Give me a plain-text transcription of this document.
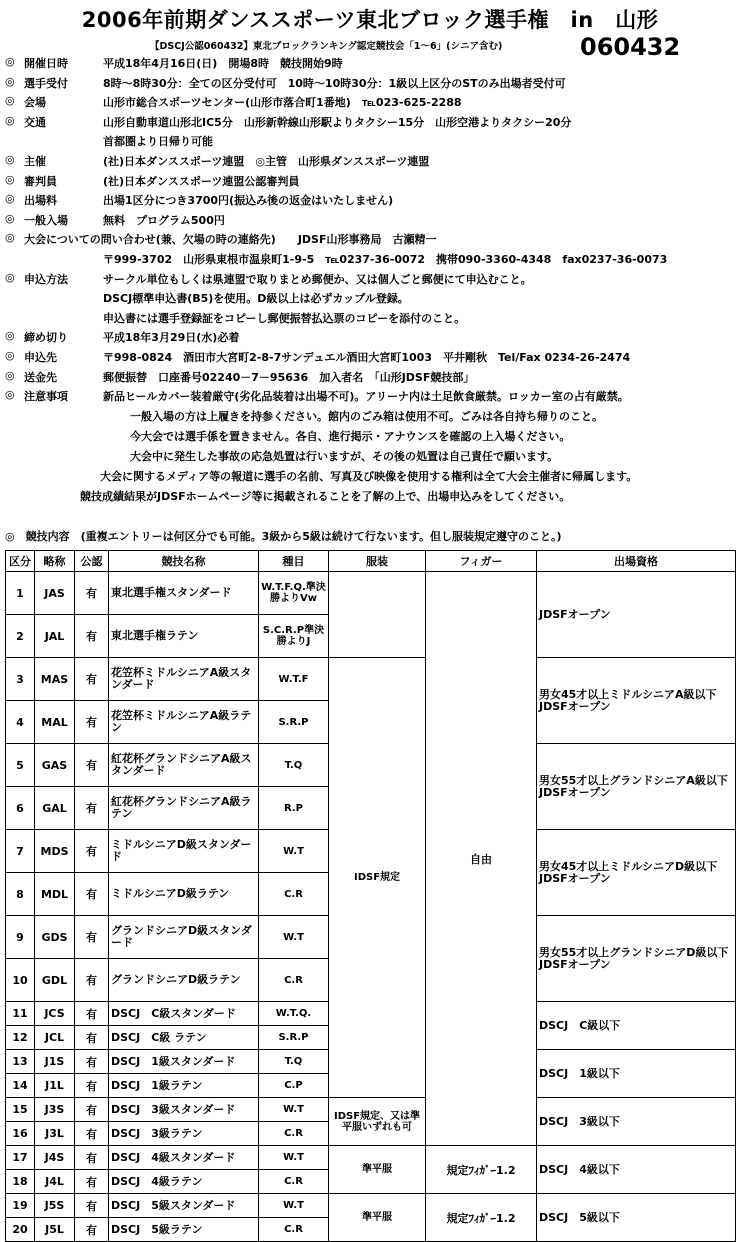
2006年前期ダンススポーツ東北ブロック選手権　in　山形
【DSCJ公認060432】東北ブロックランキング認定競技会「1～6」(シニア含む)	060432
◎ 開催日時	平成18年4月16日(日)　開場8時　競技開始9時
◎ 選手受付	8時～8時30分：全ての区分受付可　10時～10時30分：1級以上区分のSTのみ出場者受付可
◎ 会場	山形市総合スポーツセンター(山形市落合町1番地)　℡023-625-2288
◎ 交通	山形自動車道山形北IC5分　山形新幹線山形駅よりタクシー15分　山形空港よりタクシー20分
首都圏より日帰り可能
◎ 主催	(社)日本ダンススポーツ連盟　◎主管　山形県ダンススポーツ連盟
◎ 審判員	(社)日本ダンススポーツ連盟公認審判員
◎ 出場料	出場1区分につき3700円(振込み後の返金はいたしません)
◎ 一般入場	無料　プログラム500円
◎ 大会についての問い合わせ(兼、欠場の時の連絡先)　　JDSF山形事務局　古瀬精一
〒999-3702　山形県東根市温泉町1-9-5　℡0237-36-0072　携帯090-3360-4348　fax0237-36-0073
◎ 申込方法	サークル単位もしくは県連盟で取りまとめ郵便か、又は個人ごと郵便にて申込むこと。
DSCJ標準申込書(B5)を使用。D級以上は必ずカップル登録。
申込書には選手登録証をコピーし郵便振替払込票のコピーを添付のこと。
◎ 締め切り	平成18年3月29日(水)必着
◎ 申込先	〒998-0824　酒田市大宮町2-8-7サンデュエル酒田大宮町1003　平井剛秋　Tel/Fax 0234-26-2474
◎ 送金先	郵便振替　口座番号02240－7－95636　加入者名　「山形JDSF競技部」
◎ 注意事項	新品ヒールカバー装着厳守(劣化品装着は出場不可)。アリーナ内は土足飲食厳禁。ロッカー室の占有厳禁。
一般入場の方は上履きを持参ください。館内のごみ箱は使用不可。ごみは各自持ち帰りのこと。
今大会では選手係を置きません。各自、進行掲示・アナウンスを確認の上入場ください。
大会中に発生した事故の応急処置は行いますが、その後の処置は自己責任で願います。
大会に関するメディア等の報道に選手の名前、写真及び映像を使用する権利は全て大会主催者に帰属します。
競技成績結果がJDSFホームページ等に掲載されることを了解の上で、出場申込みをしてください。
◎　競技内容　(重複エントリーは何区分でも可能。3級から5級は続けて行ないます。但し服装規定遵守のこと。)
区分	略称	公認	競技名称	種目	服装	フィガー	出場資格
1	JAS	有	東北選手権スタンダード	W.T.F.Q.準決勝よりVw		自由	JDSFオープン
2	JAL	有	東北選手権ラテン	S.C.R.P準決勝よりJ			
3	MAS	有	花笠杯ミドルシニアA級スタンダード	W.T.F	IDSF規定		男女45才以上ミドルシニアA級以下JDSFオープン
4	MAL	有	花笠杯ミドルシニアA級ラテン	S.R.P			
5	GAS	有	紅花杯グランドシニアA級スタンダード	T.Q			男女55才以上グランドシニアA級以下JDSFオープン
6	GAL	有	紅花杯グランドシニアA級ラテン	R.P			
7	MDS	有	ミドルシニアD級スタンダード	W.T			男女45才以上ミドルシニアD級以下JDSFオープン
8	MDL	有	ミドルシニアD級ラテン	C.R			
9	GDS	有	グランドシニアD級スタンダード	W.T			男女55才以上グランドシニアD級以下JDSFオープン
10	GDL	有	グランドシニアD級ラテン	C.R			
11	JCS	有	DSCJ　C級スタンダード	W.T.Q.			DSCJ　C級以下
12	JCL	有	DSCJ　C級 ラテン	S.R.P			
13	J1S	有	DSCJ　1級スタンダード	T.Q			DSCJ　1級以下
14	J1L	有	DSCJ　1級ラテン	C.P			
15	J3S	有	DSCJ　3級スタンダード	W.T	IDSF規定、又は準平服いずれも可		DSCJ　3級以下
16	J3L	有	DSCJ　3級ラテン	C.R			
17	J4S	有	DSCJ　4級スタンダード	W.T	準平服	規定ﾌｨｶﾞｰ1.2	DSCJ　4級以下
18	J4L	有	DSCJ　4級ラテン	C.R			
19	J5S	有	DSCJ　5級スタンダード	W.T	準平服	規定ﾌｨｶﾞｰ1.2	DSCJ　5級以下
20	J5L	有	DSCJ　5級ラテン	C.R			
